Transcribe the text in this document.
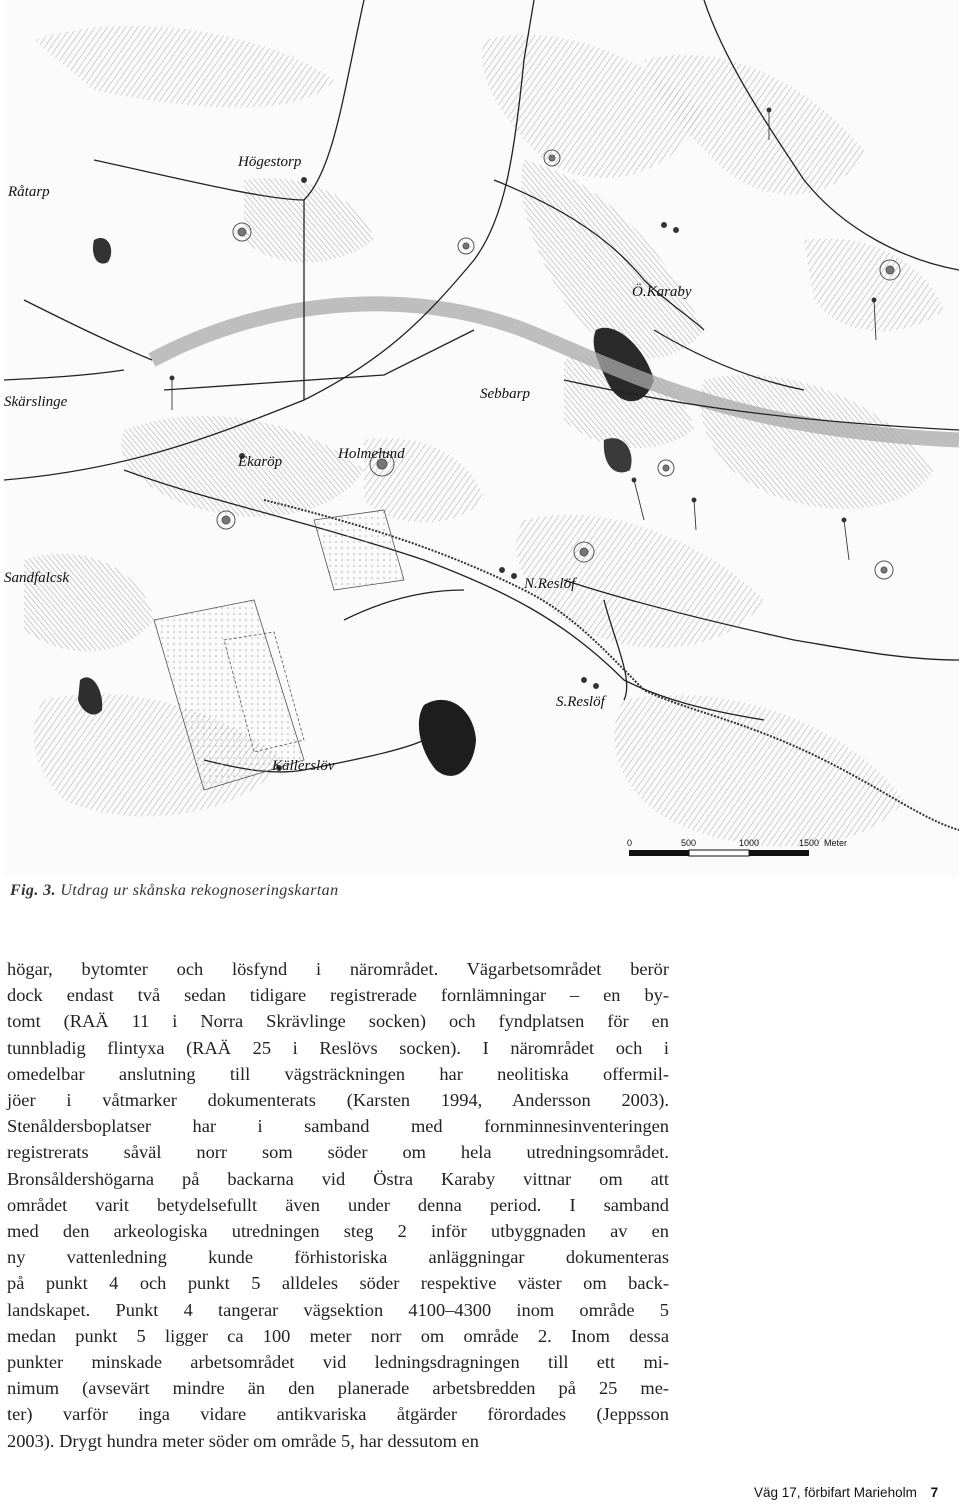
Högestorp
Ö.Karaby
Sebbarp
Ekaröp
N.Reslöf
S.Reslöf
Källerslöv
Skärslinge
Sandfalcsk
Holmelund
Råtarp
0	500	1000	1500 Meter
Fig. 3. Utdrag ur skånska rekognoseringskartan
högar, bytomter och lösfynd i närområdet. Vägarbetsområdet berör
dock endast två sedan tidigare registrerade fornlämningar – en by-
tomt (RAÄ 11 i Norra Skrävlinge socken) och fyndplatsen för en
tunnbladig flintyxa (RAÄ 25 i Reslövs socken). I närområdet och i
omedelbar anslutning till vägsträckningen har neolitiska offermil-
jöer i våtmarker dokumenterats (Karsten 1994, Andersson 2003).
Stenåldersboplatser har i samband med fornminnesinventeringen
registrerats såväl norr som söder om hela utredningsområdet.
Bronsåldershögarna på backarna vid Östra Karaby vittnar om att
området varit betydelsefullt även under denna period. I samband
med den arkeologiska utredningen steg 2 inför utbyggnaden av en
ny vattenledning kunde förhistoriska anläggningar dokumenteras
på punkt 4 och punkt 5 alldeles söder respektive väster om back-
landskapet. Punkt 4 tangerar vägsektion 4100–4300 inom område 5
medan punkt 5 ligger ca 100 meter norr om område 2. Inom dessa
punkter minskade arbetsområdet vid ledningsdragningen till ett mi-
nimum (avsevärt mindre än den planerade arbetsbredden på 25 me-
ter) varför inga vidare antikvariska åtgärder förordades (Jeppsson
2003). Drygt hundra meter söder om område 5, har dessutom en
Väg 17, förbifart Marieholm 7
